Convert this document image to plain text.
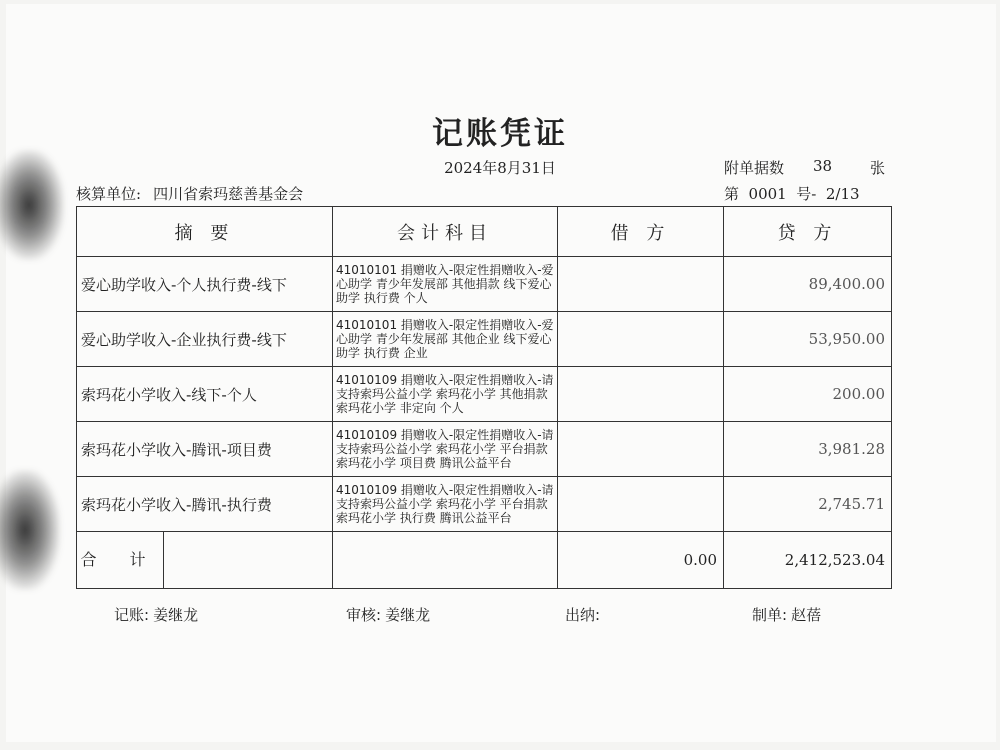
记账凭证
2024年8月31日	附单据数 38	张
核算单位: 四川省索玛慈善基金会	第  0001  号-  2/13
摘 要	会计科目	借 方	贷 方
爱心助学收入-个人执行费-线下	41010101 捐赠收入-限定性捐赠收入-爱心助学 青少年发展部 其他捐款 线下爱心助学 执行费 个人		89,400.00
爱心助学收入-企业执行费-线下	41010101 捐赠收入-限定性捐赠收入-爱心助学 青少年发展部 其他企业 线下爱心助学 执行费 企业		53,950.00
索玛花小学收入-线下-个人	41010109 捐赠收入-限定性捐赠收入-请支持索玛公益小学 索玛花小学 其他捐款 索玛花小学 非定向 个人		200.00
索玛花小学收入-腾讯-项目费	41010109 捐赠收入-限定性捐赠收入-请支持索玛公益小学 索玛花小学 平台捐款 索玛花小学 项目费 腾讯公益平台		3,981.28
索玛花小学收入-腾讯-执行费	41010109 捐赠收入-限定性捐赠收入-请支持索玛公益小学 索玛花小学 平台捐款 索玛花小学 执行费 腾讯公益平台		2,745.71

合 计		0.00	2,412,523.04
记账: 姜继龙	审核: 姜继龙	出纳:	制单: 赵蓓
